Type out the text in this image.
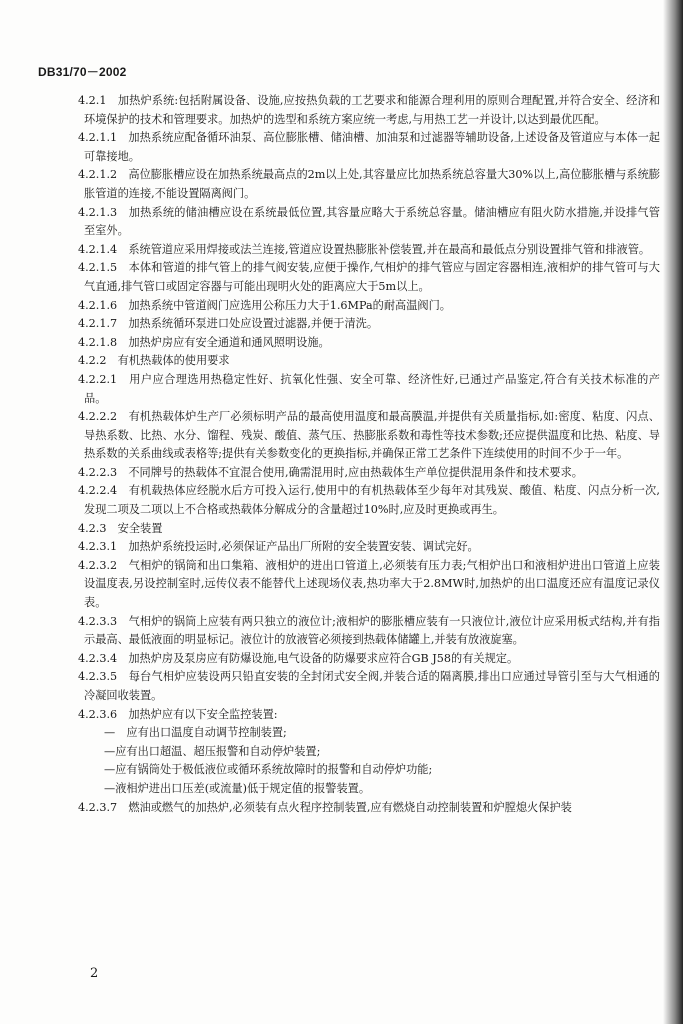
DB31/70－2002

4.2.1　加热炉系统:包括附属设备、设施,应按热负载的工艺要求和能源合理利用的原则合理配置,并符合安全、经济和环境保护的技术和管理要求。加热炉的选型和系统方案应统一考虑,与用热工艺一并设计,以达到最优匹配。

4.2.1.1　加热系统应配备循环油泵、高位膨胀槽、储油槽、加油泵和过滤器等辅助设备,上述设备及管道应与本体一起可靠接地。

4.2.1.2　高位膨胀槽应设在加热系统最高点的2m以上处,其容量应比加热系统总容量大30%以上,高位膨胀槽与系统膨胀管道的连接,不能设置隔离阀门。

4.2.1.3　加热系统的储油槽应设在系统最低位置,其容量应略大于系统总容量。储油槽应有阻火防水措施,并设排气管至室外。

4.2.1.4　系统管道应采用焊接或法兰连接,管道应设置热膨胀补偿装置,并在最高和最低点分别设置排气管和排液管。

4.2.1.5　本体和管道的排气管上的排气阀安装,应便于操作,气相炉的排气管应与固定容器相连,液相炉的排气管可与大气直通,排气管口或固定容器与可能出现明火处的距离应大于5m以上。

4.2.1.6　加热系统中管道阀门应选用公称压力大于1.6MPa的耐高温阀门。

4.2.1.7　加热系统循环泵进口处应设置过滤器,并便于清洗。

4.2.1.8　加热炉房应有安全通道和通风照明设施。

4.2.2　有机热载体的使用要求

4.2.2.1　用户应合理选用热稳定性好、抗氧化性强、安全可靠、经济性好,已通过产品鉴定,符合有关技术标准的产品。

4.2.2.2　有机热载体炉生产厂必须标明产品的最高使用温度和最高膜温,并提供有关质量指标,如:密度、粘度、闪点、导热系数、比热、水分、馏程、残炭、酸值、蒸气压、热膨胀系数和毒性等技术参数;还应提供温度和比热、粘度、导热系数的关系曲线或表格等;提供有关参数变化的更换指标,并确保正常工艺条件下连续使用的时间不少于一年。

4.2.2.3　不同牌号的热载体不宜混合使用,确需混用时,应由热载体生产单位提供混用条件和技术要求。

4.2.2.4　有机载热体应经脱水后方可投入运行,使用中的有机热载体至少每年对其残炭、酸值、粘度、闪点分析一次,发现二项及二项以上不合格或热载体分解成分的含量超过10%时,应及时更换或再生。

4.2.3　安全装置

4.2.3.1　加热炉系统投运时,必须保证产品出厂所附的安全装置安装、调试完好。

4.2.3.2　气相炉的锅筒和出口集箱、液相炉的进出口管道上,必须装有压力表;气相炉出口和液相炉进出口管道上应装设温度表,另设控制室时,远传仪表不能替代上述现场仪表,热功率大于2.8MW时,加热炉的出口温度还应有温度记录仪表。

4.2.3.3　气相炉的锅筒上应装有两只独立的液位计;液相炉的膨胀槽应装有一只液位计,液位计应采用板式结构,并有指示最高、最低液面的明显标记。液位计的放液管必须接到热载体储罐上,并装有放液旋塞。

4.2.3.4　加热炉房及泵房应有防爆设施,电气设备的防爆要求应符合GB J58的有关规定。

4.2.3.5　每台气相炉应装设两只铅直安装的全封闭式安全阀,并装合适的隔离膜,排出口应通过导管引至与大气相通的冷凝回收装置。

4.2.3.6　加热炉应有以下安全监控装置:

—　应有出口温度自动调节控制装置;

—应有出口超温、超压报警和自动停炉装置;

—应有锅筒处于极低液位或循环系统故障时的报警和自动停炉功能;

—液相炉进出口压差(或流量)低于规定值的报警装置。

4.2.3.7　燃油或燃气的加热炉,必须装有点火程序控制装置,应有燃烧自动控制装置和炉膛熄火保护装

2
